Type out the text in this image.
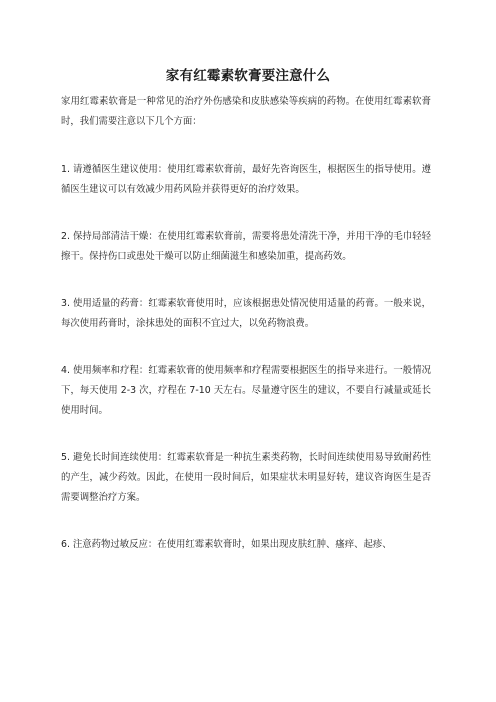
家有红霉素软膏要注意什么

家用红霉素软膏是一种常见的治疗外伤感染和皮肤感染等疾病的药物。在使用红霉素软膏时，我们需要注意以下几个方面：

1. 请遵循医生建议使用：使用红霉素软膏前，最好先咨询医生，根据医生的指导使用。遵循医生建议可以有效减少用药风险并获得更好的治疗效果。

2. 保持局部清洁干燥：在使用红霉素软膏前，需要将患处清洗干净，并用干净的毛巾轻轻擦干。保持伤口或患处干燥可以防止细菌滋生和感染加重，提高药效。

3. 使用适量的药膏：红霉素软膏使用时，应该根据患处情况使用适量的药膏。一般来说，每次使用药膏时，涂抹患处的面积不宜过大，以免药物浪费。

4. 使用频率和疗程：红霉素软膏的使用频率和疗程需要根据医生的指导来进行。一般情况下，每天使用 2-3 次，疗程在 7-10 天左右。尽量遵守医生的建议，不要自行减量或延长使用时间。

5. 避免长时间连续使用：红霉素软膏是一种抗生素类药物，长时间连续使用易导致耐药性的产生，减少药效。因此，在使用一段时间后，如果症状未明显好转，建议咨询医生是否需要调整治疗方案。

6. 注意药物过敏反应：在使用红霉素软膏时，如果出现皮肤红肿、瘙痒、起疹、
